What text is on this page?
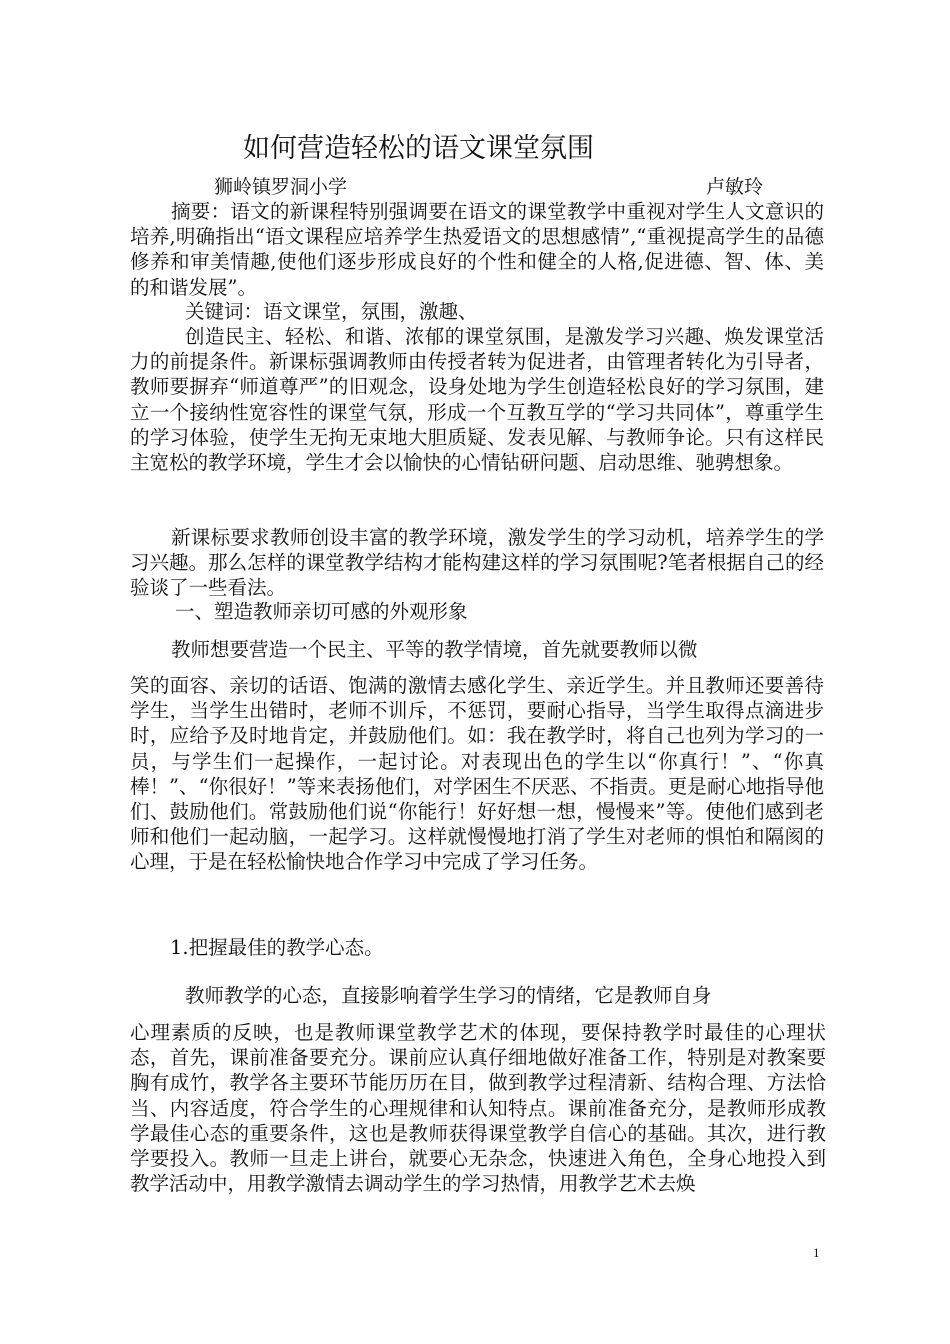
如何营造轻松的语文课堂氛围
狮岭镇罗洞小学	卢敏玲
摘要：语文的新课程特别强调要在语文的课堂教学中重视对学生人文意识的培养,明确指出“语文课程应培养学生热爱语文的思想感情”,“重视提高学生的品德修养和审美情趣,使他们逐步形成良好的个性和健全的人格,促进德、智、体、美的和谐发展”。
关键词：语文课堂，氛围，激趣、
创造民主、轻松、和谐、浓郁的课堂氛围，是激发学习兴趣、焕发课堂活力的前提条件。新课标强调教师由传授者转为促进者，由管理者转化为引导者，教师要摒弃“师道尊严”的旧观念，设身处地为学生创造轻松良好的学习氛围，建立一个接纳性宽容性的课堂气氛，形成一个互教互学的“学习共同体”，尊重学生的学习体验，使学生无拘无束地大胆质疑、发表见解、与教师争论。只有这样民主宽松的教学环境，学生才会以愉快的心情钻研问题、启动思维、驰骋想象。
新课标要求教师创设丰富的教学环境，激发学生的学习动机，培养学生的学习兴趣。那么怎样的课堂教学结构才能构建这样的学习氛围呢?笔者根据自己的经验谈了一些看法。
一、塑造教师亲切可感的外观形象
教师想要营造一个民主、平等的教学情境，首先就要教师以微
笑的面容、亲切的话语、饱满的激情去感化学生、亲近学生。并且教师还要善待学生，当学生出错时，老师不训斥，不惩罚，要耐心指导，当学生取得点滴进步时，应给予及时地肯定，并鼓励他们。如：我在教学时，将自己也列为学习的一员，与学生们一起操作，一起讨论。对表现出色的学生以“你真行！”、“你真棒！”、“你很好！”等来表扬他们，对学困生不厌恶、不指责。更是耐心地指导他们、鼓励他们。常鼓励他们说“你能行！好好想一想，慢慢来”等。使他们感到老师和他们一起动脑，一起学习。这样就慢慢地打消了学生对老师的惧怕和隔阂的心理，于是在轻松愉快地合作学习中完成了学习任务。
1.把握最佳的教学心态。
教师教学的心态，直接影响着学生学习的情绪，它是教师自身
心理素质的反映，也是教师课堂教学艺术的体现，要保持教学时最佳的心理状态，首先，课前准备要充分。课前应认真仔细地做好准备工作，特别是对教案要胸有成竹，教学各主要环节能历历在目，做到教学过程清新、结构合理、方法恰当、内容适度，符合学生的心理规律和认知特点。课前准备充分，是教师形成教学最佳心态的重要条件，这也是教师获得课堂教学自信心的基础。其次，进行教学要投入。教师一旦走上讲台，就要心无杂念，快速进入角色，全身心地投入到教学活动中，用教学激情去调动学生的学习热情，用教学艺术去焕
1
